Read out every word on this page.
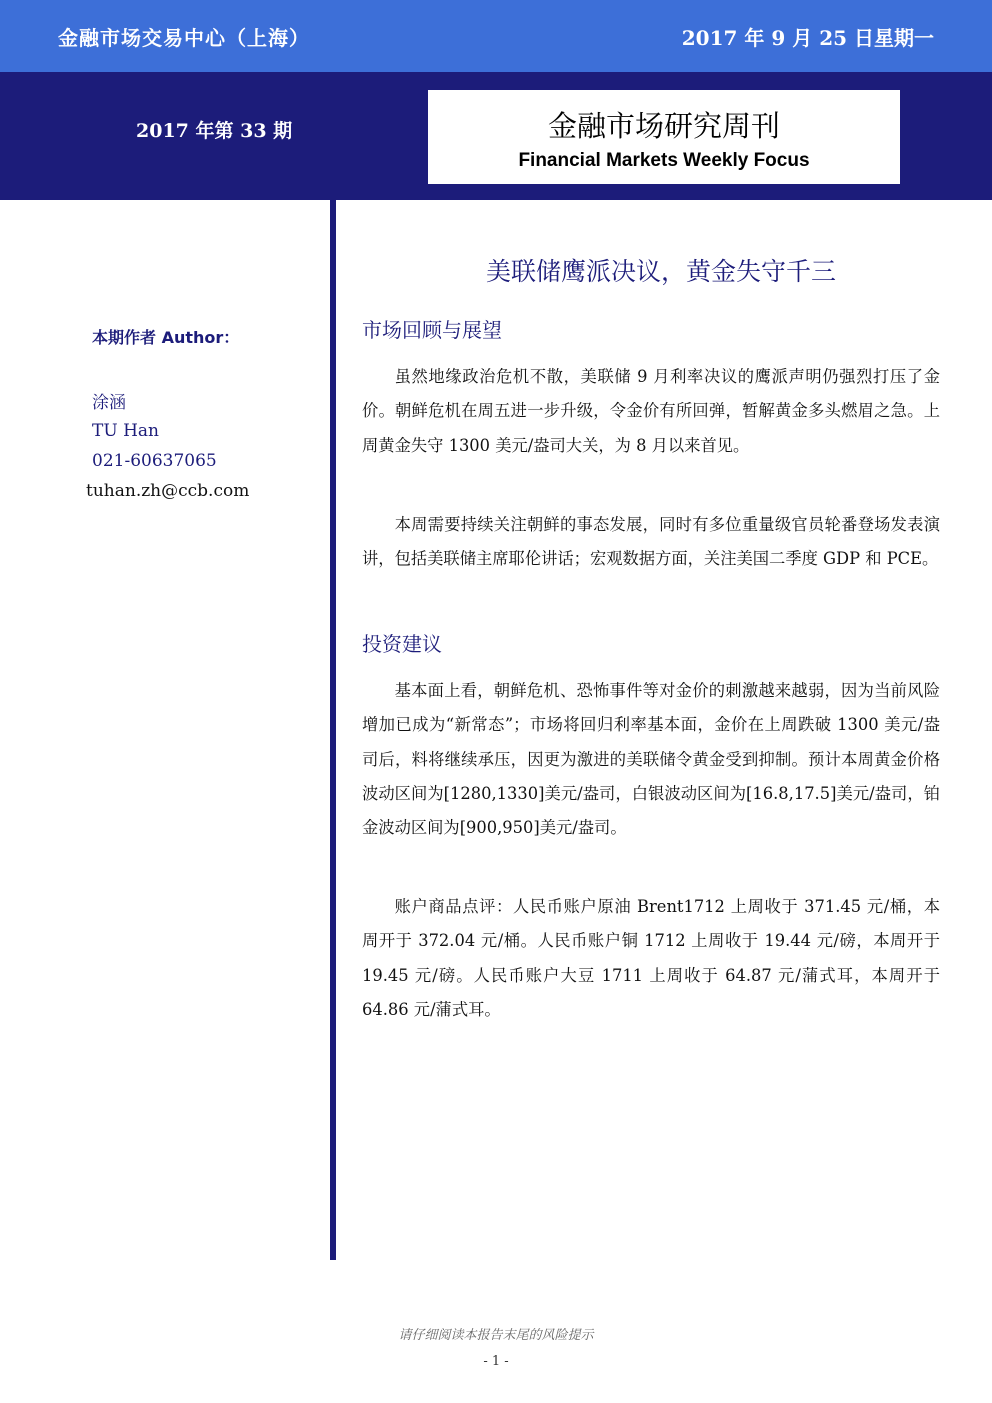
金融市场交易中心（上海）	2017 年 9 月 25 日星期一
2017 年第 33 期	金融市场研究周刊
Financial Markets Weekly Focus
本期作者 Author：
涂涵
TU Han
021-60637065
tuhan.zh@ccb.com
美联储鹰派决议，黄金失守千三
市场回顾与展望

虽然地缘政治危机不散，美联储 9 月利率决议的鹰派声明仍强烈打压了金价。朝鲜危机在周五进一步升级，令金价有所回弹，暂解黄金多头燃眉之急。上周黄金失守 1300 美元/盎司大关，为 8 月以来首见。

本周需要持续关注朝鲜的事态发展，同时有多位重量级官员轮番登场发表演讲，包括美联储主席耶伦讲话；宏观数据方面，关注美国二季度 GDP 和 PCE。

投资建议

基本面上看，朝鲜危机、恐怖事件等对金价的刺激越来越弱，因为当前风险增加已成为“新常态”；市场将回归利率基本面，金价在上周跌破 1300 美元/盎司后，料将继续承压，因更为激进的美联储令黄金受到抑制。预计本周黄金价格波动区间为[1280,1330]美元/盎司，白银波动区间为[16.8,17.5]美元/盎司，铂金波动区间为[900,950]美元/盎司。

账户商品点评：人民币账户原油 Brent1712 上周收于 371.45 元/桶，本周开于 372.04 元/桶。人民币账户铜 1712 上周收于 19.44 元/磅，本周开于 19.45 元/磅。人民币账户大豆 1711 上周收于 64.87 元/蒲式耳，本周开于 64.86 元/蒲式耳。

请仔细阅读本报告末尾的风险提示
- 1 -
